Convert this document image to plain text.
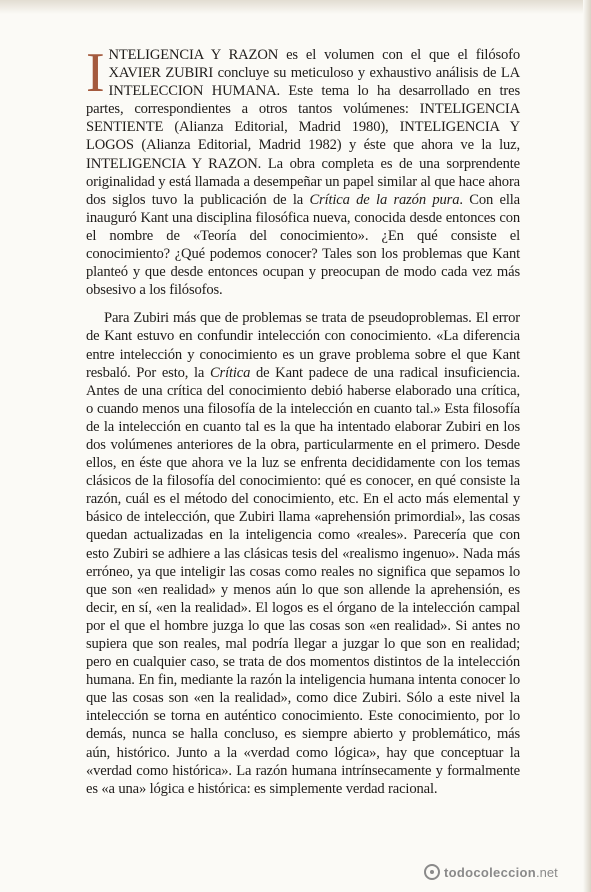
INTELIGENCIA Y RAZON es el volumen con el que el filósofo XAVIER ZUBIRI concluye su meticuloso y exhaustivo análisis de LA INTELECCION HUMANA. Este tema lo ha desarrollado en tres partes, correspondientes a otros tantos volúmenes: INTELIGENCIA SENTIENTE (Alianza Editorial, Madrid 1980), INTELIGENCIA Y LOGOS (Alianza Editorial, Madrid 1982) y éste que ahora ve la luz, INTELIGENCIA Y RAZON. La obra completa es de una sorprendente originalidad y está llamada a desempeñar un papel similar al que hace ahora dos siglos tuvo la publicación de la Crítica de la razón pura. Con ella inauguró Kant una disciplina filosófica nueva, conocida desde entonces con el nombre de «Teoría del conocimiento». ¿En qué consiste el conocimiento? ¿Qué podemos conocer? Tales son los problemas que Kant planteó y que desde entonces ocupan y preocupan de modo cada vez más obsesivo a los filósofos.

Para Zubiri más que de problemas se trata de pseudoproblemas. El error de Kant estuvo en confundir intelección con conocimiento. «La diferencia entre intelección y conocimiento es un grave problema sobre el que Kant resbaló. Por esto, la Crítica de Kant padece de una radical insuficiencia. Antes de una crítica del conocimiento debió haberse elaborado una crítica, o cuando menos una filosofía de la intelección en cuanto tal.» Esta filosofía de la intelección en cuanto tal es la que ha intentado elaborar Zubiri en los dos volúmenes anteriores de la obra, particularmente en el primero. Desde ellos, en éste que ahora ve la luz se enfrenta decididamente con los temas clásicos de la filosofía del conocimiento: qué es conocer, en qué consiste la razón, cuál es el método del conocimiento, etc. En el acto más elemental y básico de intelección, que Zubiri llama «aprehensión primordial», las cosas quedan actualizadas en la inteligencia como «reales». Parecería que con esto Zubiri se adhiere a las clásicas tesis del «realismo ingenuo». Nada más erróneo, ya que inteligir las cosas como reales no significa que sepamos lo que son «en realidad» y menos aún lo que son allende la aprehensión, es decir, en sí, «en la realidad». El logos es el órgano de la intelección campal por el que el hombre juzga lo que las cosas son «en realidad». Si antes no supiera que son reales, mal podría llegar a juzgar lo que son en realidad; pero en cualquier caso, se trata de dos momentos distintos de la intelección humana. En fin, mediante la razón la inteligencia humana intenta conocer lo que las cosas son «en la realidad», como dice Zubiri. Sólo a este nivel la intelección se torna en auténtico conocimiento. Este conocimiento, por lo demás, nunca se halla concluso, es siempre abierto y problemático, más aún, histórico. Junto a la «verdad como lógica», hay que conceptuar la «verdad como histórica». La razón humana intrínsecamente y formalmente es «a una» lógica e histórica: es simplemente verdad racional.

todocoleccion .net
